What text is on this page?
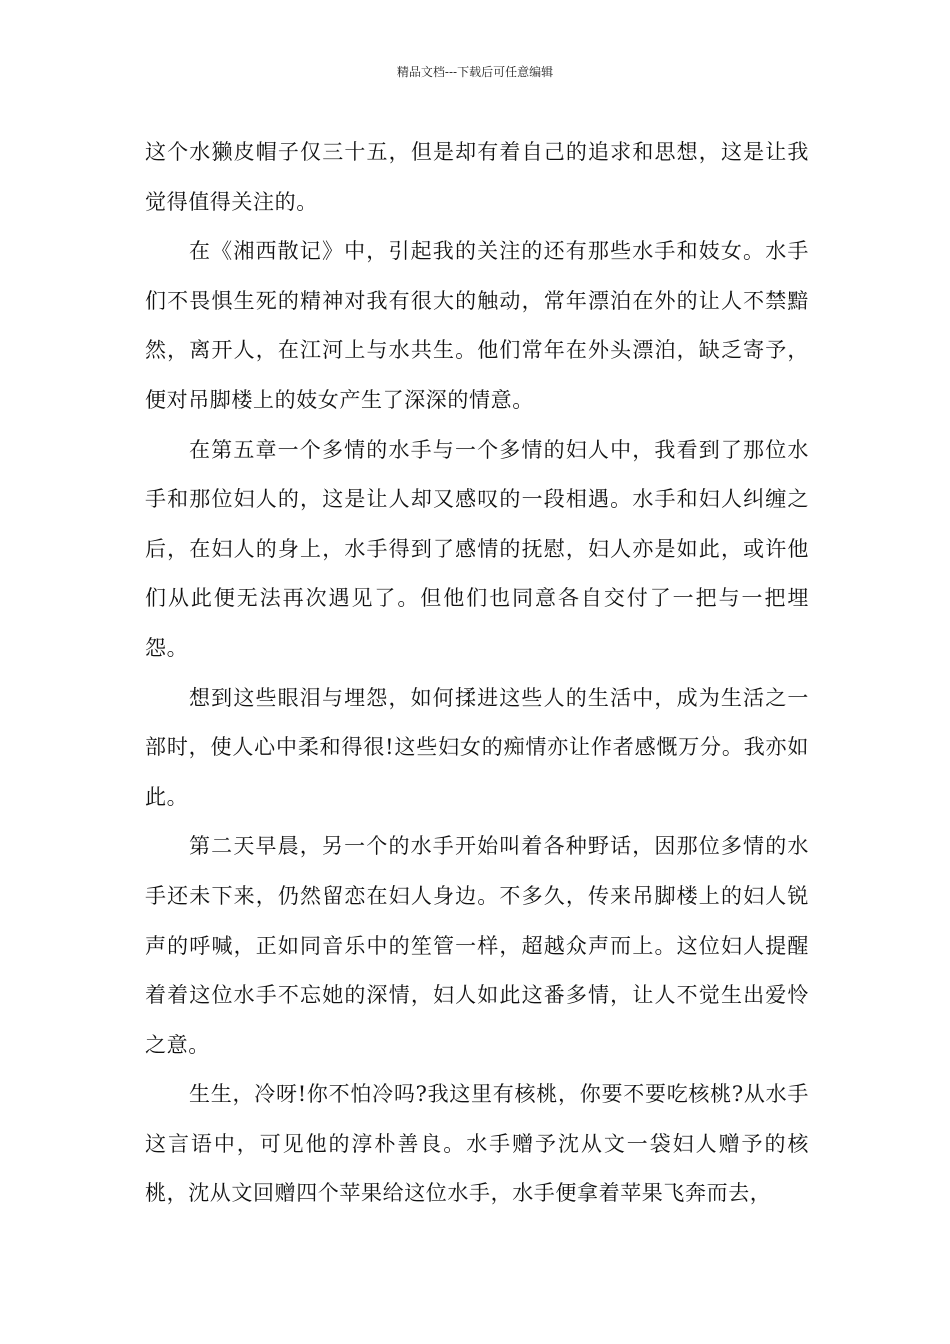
精品文档---下载后可任意编辑

这个水獭皮帽子仅三十五，但是却有着自己的追求和思想，这是让我觉得值得关注的。

在《湘西散记》中，引起我的关注的还有那些水手和妓女。水手们不畏惧生死的精神对我有很大的触动，常年漂泊在外的让人不禁黯然，离开人，在江河上与水共生。他们常年在外头漂泊，缺乏寄予，便对吊脚楼上的妓女产生了深深的情意。

在第五章一个多情的水手与一个多情的妇人中，我看到了那位水手和那位妇人的，这是让人却又感叹的一段相遇。水手和妇人纠缠之后，在妇人的身上，水手得到了感情的抚慰，妇人亦是如此，或许他们从此便无法再次遇见了。但他们也同意各自交付了一把与一把埋怨。

想到这些眼泪与埋怨，如何揉进这些人的生活中，成为生活之一部时，使人心中柔和得很!这些妇女的痴情亦让作者感慨万分。我亦如此。

第二天早晨，另一个的水手开始叫着各种野话，因那位多情的水手还未下来，仍然留恋在妇人身边。不多久，传来吊脚楼上的妇人锐声的呼喊，正如同音乐中的笙管一样，超越众声而上。这位妇人提醒着着这位水手不忘她的深情，妇人如此这番多情，让人不觉生出爱怜之意。

生生，冷呀!你不怕冷吗?我这里有核桃，你要不要吃核桃?从水手这言语中，可见他的淳朴善良。水手赠予沈从文一袋妇人赠予的核桃，沈从文回赠四个苹果给这位水手，水手便拿着苹果飞奔而去，
